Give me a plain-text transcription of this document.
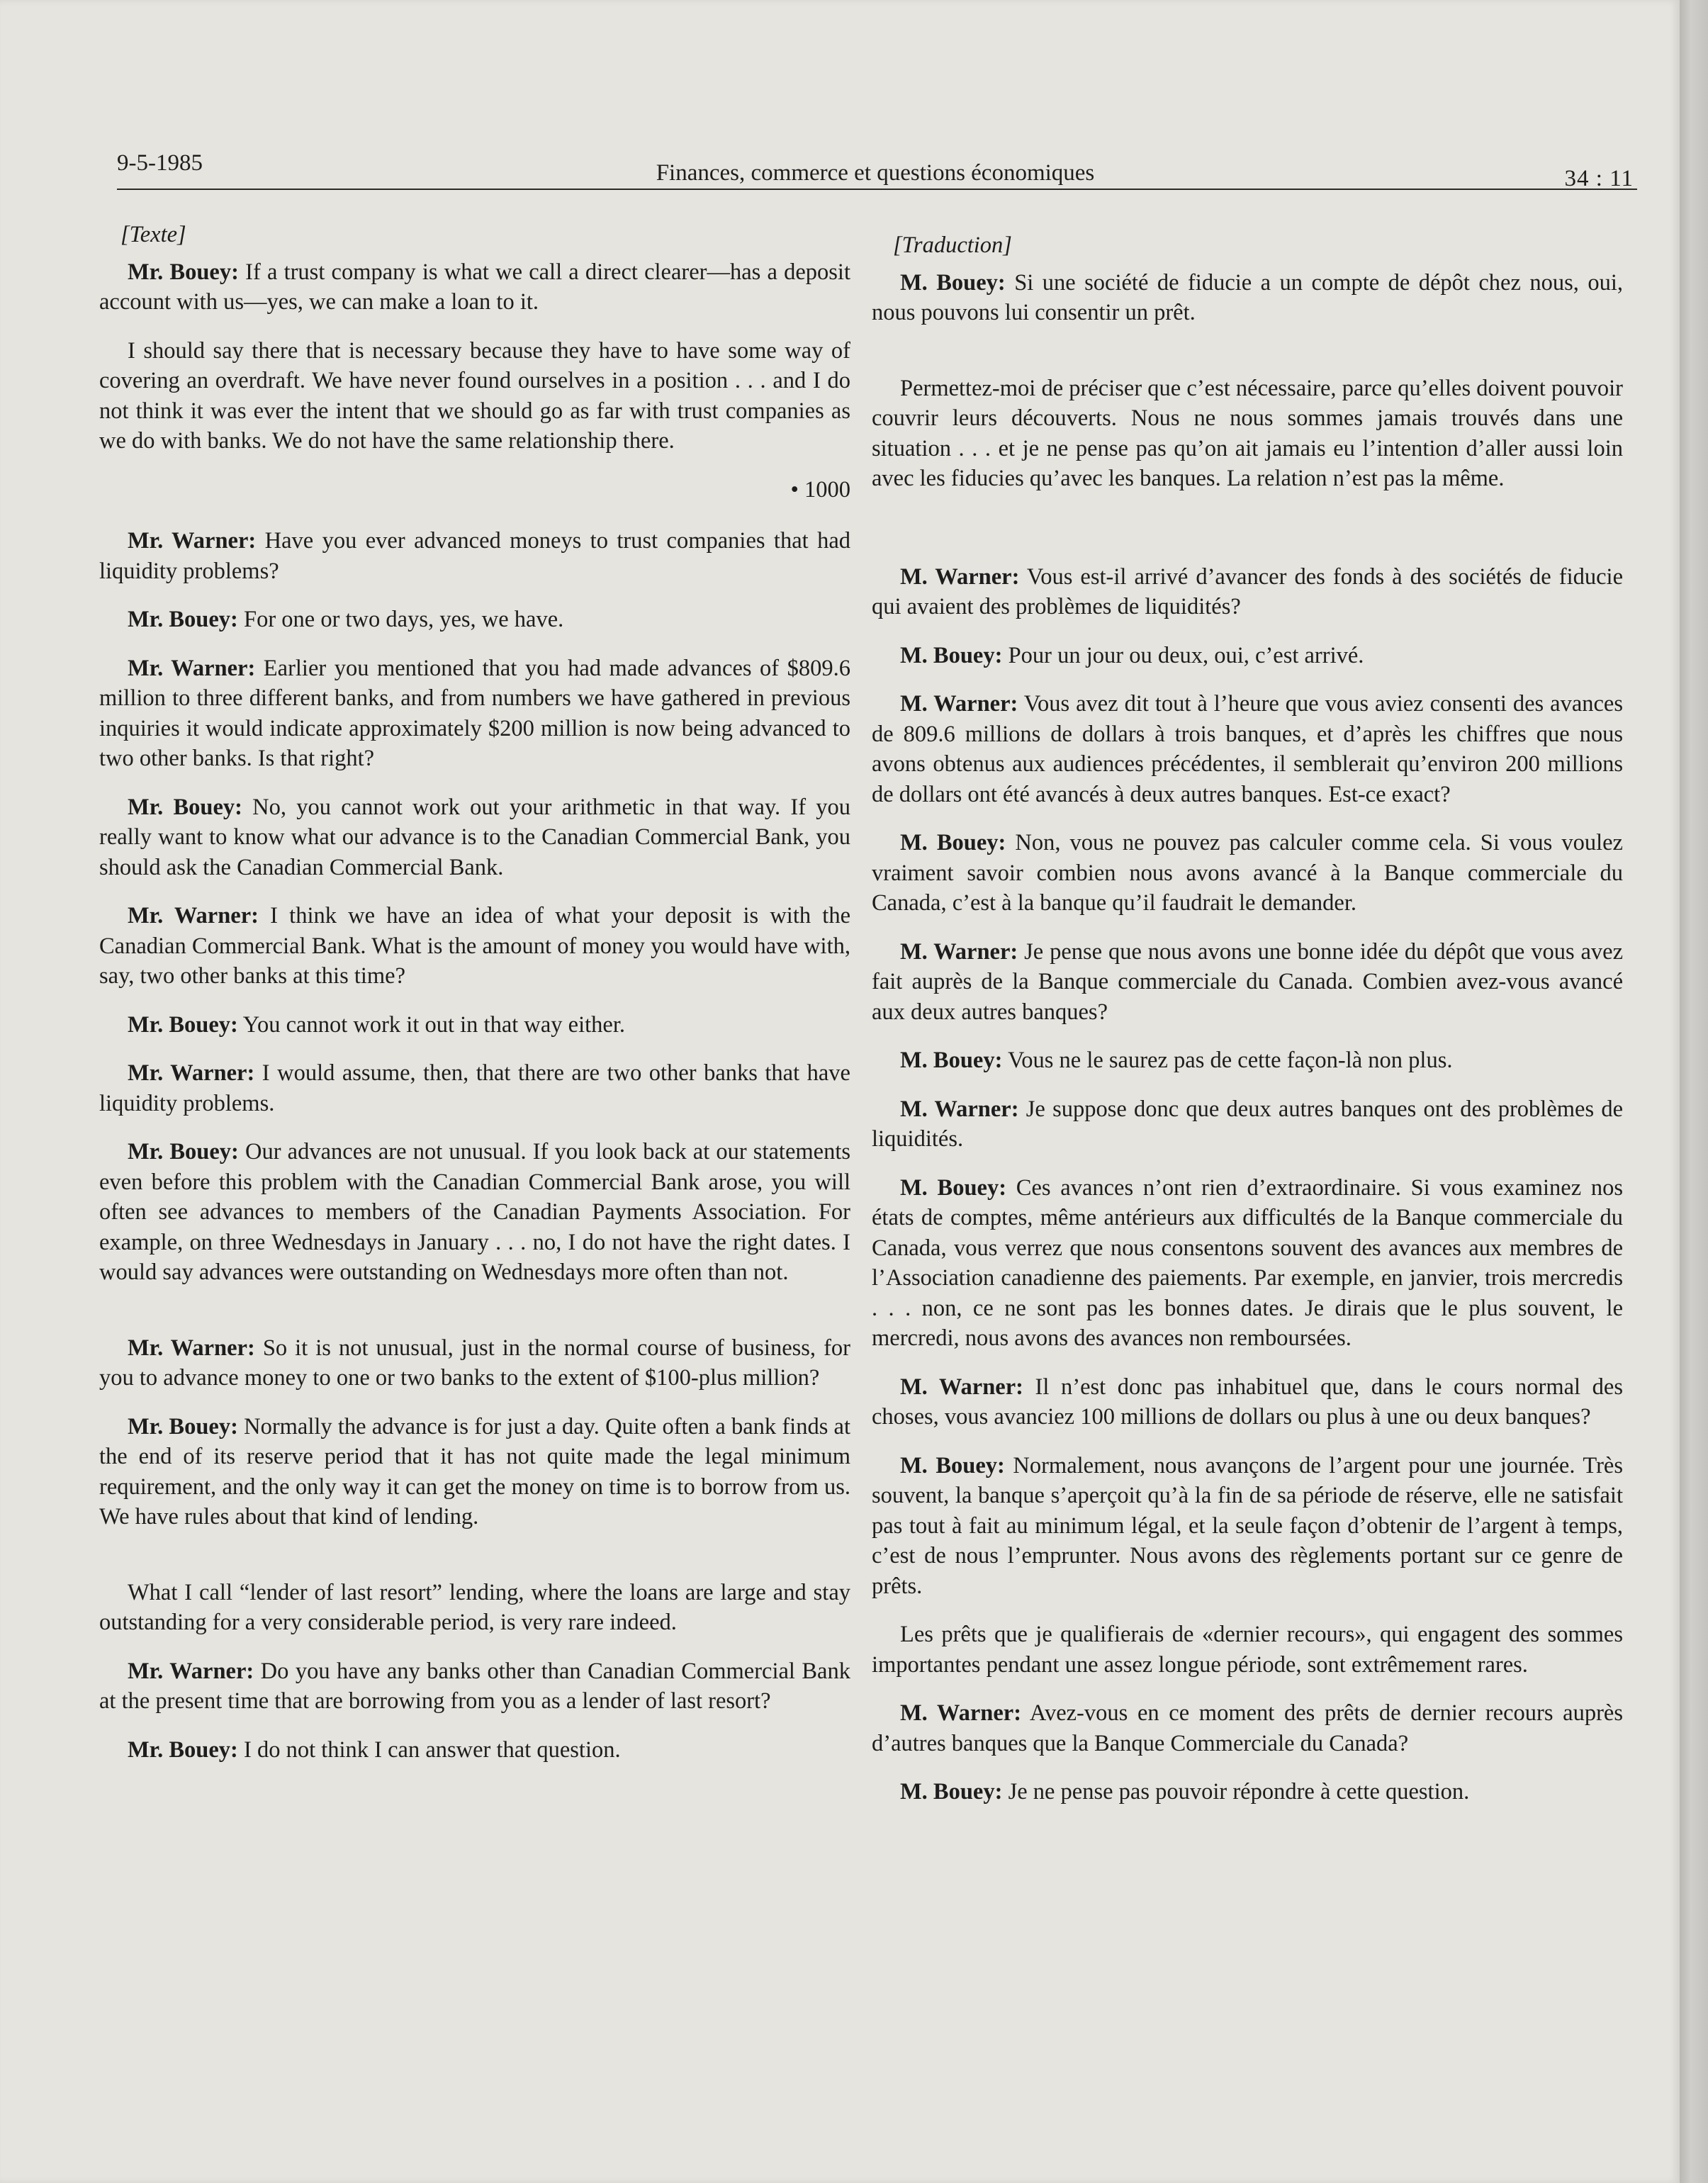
9-5-1985	Finances, commerce et questions économiques	34 : 11
[Texte]

Mr. Bouey: If a trust company is what we call a direct clearer—has a deposit account with us—yes, we can make a loan to it.

I should say there that is necessary because they have to have some way of covering an overdraft. We have never found ourselves in a position . . . and I do not think it was ever the intent that we should go as far with trust companies as we do with banks. We do not have the same relationship there.

• 1000

Mr. Warner: Have you ever advanced moneys to trust companies that had liquidity problems?

Mr. Bouey: For one or two days, yes, we have.

Mr. Warner: Earlier you mentioned that you had made advances of $809.6 million to three different banks, and from numbers we have gathered in previous inquiries it would indicate approximately $200 million is now being advanced to two other banks. Is that right?

Mr. Bouey: No, you cannot work out your arithmetic in that way. If you really want to know what our advance is to the Canadian Commercial Bank, you should ask the Canadian Commercial Bank.

Mr. Warner: I think we have an idea of what your deposit is with the Canadian Commercial Bank. What is the amount of money you would have with, say, two other banks at this time?

Mr. Bouey: You cannot work it out in that way either.

Mr. Warner: I would assume, then, that there are two other banks that have liquidity problems.

Mr. Bouey: Our advances are not unusual. If you look back at our statements even before this problem with the Canadian Commercial Bank arose, you will often see advances to members of the Canadian Payments Association. For example, on three Wednesdays in January . . . no, I do not have the right dates. I would say advances were outstanding on Wednesdays more often than not.

Mr. Warner: So it is not unusual, just in the normal course of business, for you to advance money to one or two banks to the extent of $100-plus million?

Mr. Bouey: Normally the advance is for just a day. Quite often a bank finds at the end of its reserve period that it has not quite made the legal minimum requirement, and the only way it can get the money on time is to borrow from us. We have rules about that kind of lending.

What I call “lender of last resort” lending, where the loans are large and stay outstanding for a very considerable period, is very rare indeed.

Mr. Warner: Do you have any banks other than Canadian Commercial Bank at the present time that are borrowing from you as a lender of last resort?

Mr. Bouey: I do not think I can answer that question.

[Traduction]

M. Bouey: Si une société de fiducie a un compte de dépôt chez nous, oui, nous pouvons lui consentir un prêt.

Permettez-moi de préciser que c’est nécessaire, parce qu’elles doivent pouvoir couvrir leurs découverts. Nous ne nous sommes jamais trouvés dans une situation . . . et je ne pense pas qu’on ait jamais eu l’intention d’aller aussi loin avec les fiducies qu’avec les banques. La relation n’est pas la même.

M. Warner: Vous est-il arrivé d’avancer des fonds à des sociétés de fiducie qui avaient des problèmes de liquidités?

M. Bouey: Pour un jour ou deux, oui, c’est arrivé.

M. Warner: Vous avez dit tout à l’heure que vous aviez consenti des avances de 809.6 millions de dollars à trois banques, et d’après les chiffres que nous avons obtenus aux audiences précédentes, il semblerait qu’environ 200 millions de dollars ont été avancés à deux autres banques. Est-ce exact?

M. Bouey: Non, vous ne pouvez pas calculer comme cela. Si vous voulez vraiment savoir combien nous avons avancé à la Banque commerciale du Canada, c’est à la banque qu’il faudrait le demander.

M. Warner: Je pense que nous avons une bonne idée du dépôt que vous avez fait auprès de la Banque commerciale du Canada. Combien avez-vous avancé aux deux autres banques?

M. Bouey: Vous ne le saurez pas de cette façon-là non plus.

M. Warner: Je suppose donc que deux autres banques ont des problèmes de liquidités.

M. Bouey: Ces avances n’ont rien d’extraordinaire. Si vous examinez nos états de comptes, même antérieurs aux difficultés de la Banque commerciale du Canada, vous verrez que nous consentons souvent des avances aux membres de l’Association canadienne des paiements. Par exemple, en janvier, trois mercredis . . . non, ce ne sont pas les bonnes dates. Je dirais que le plus souvent, le mercredi, nous avons des avances non remboursées.

M. Warner: Il n’est donc pas inhabituel que, dans le cours normal des choses, vous avanciez 100 millions de dollars ou plus à une ou deux banques?

M. Bouey: Normalement, nous avançons de l’argent pour une journée. Très souvent, la banque s’aperçoit qu’à la fin de sa période de réserve, elle ne satisfait pas tout à fait au minimum légal, et la seule façon d’obtenir de l’argent à temps, c’est de nous l’emprunter. Nous avons des règlements portant sur ce genre de prêts.

Les prêts que je qualifierais de «dernier recours», qui engagent des sommes importantes pendant une assez longue période, sont extrêmement rares.

M. Warner: Avez-vous en ce moment des prêts de dernier recours auprès d’autres banques que la Banque Commerciale du Canada?

M. Bouey: Je ne pense pas pouvoir répondre à cette question.
